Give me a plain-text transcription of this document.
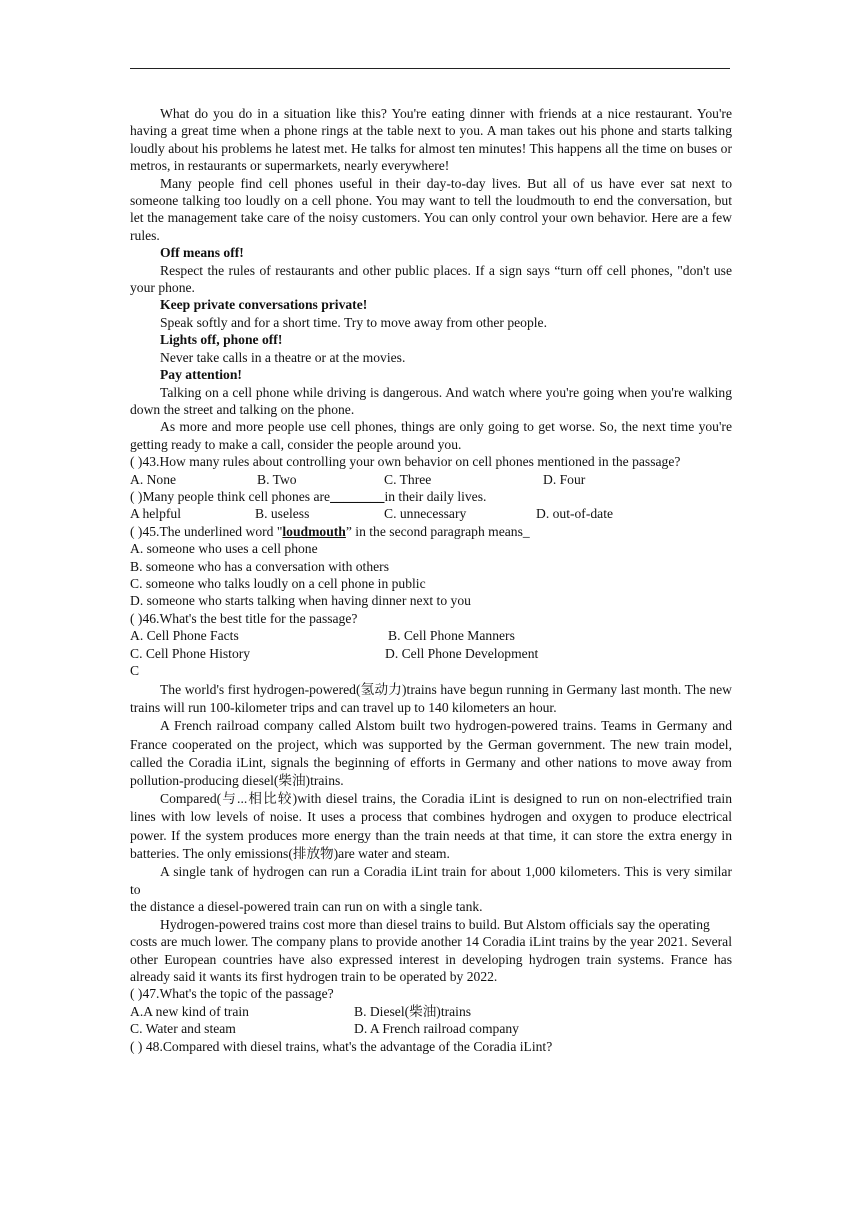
What do you do in a situation like this? You're eating dinner with friends at a nice restaurant. You're having a great time when a phone rings at the table next to you. A man takes out his phone and starts talking loudly about his problems he latest met. He talks for almost ten minutes! This happens all the time on buses or metros, in restaurants or supermarkets, nearly everywhere!

Many people find cell phones useful in their day-to-day lives. But all of us have ever sat next to someone talking too loudly on a cell phone. You may want to tell the loudmouth to end the conversation, but let the management take care of the noisy customers. You can only control your own behavior. Here are a few rules.

Off means off!

Respect the rules of restaurants and other public places. If a sign says “turn off cell phones, "don't use your phone.

Keep private conversations private!

Speak softly and for a short time. Try to move away from other people.

Lights off, phone off!

Never take calls in a theatre or at the movies.

Pay attention!

Talking on a cell phone while driving is dangerous. And watch where you're going when you're walking down the street and talking on the phone.

As more and more people use cell phones, things are only going to get worse. So, the next time you're getting ready to make a call, consider the people around you.

( )43.How many rules about controlling your own behavior on cell phones mentioned in the passage?

A. None	B. Two	C. Three	D. Four

( )Many people think cell phones are________in their daily lives.

A helpful	B. useless	C. unnecessary	D. out-of-date

( )45.The underlined word "loudmouth” in the second paragraph means_

A. someone who uses a cell phone

B. someone who has a conversation with others

C. someone who talks loudly on a cell phone in public

D. someone who starts talking when having dinner next to you

( )46.What's the best title for the passage?

A. Cell Phone Facts	B. Cell Phone Manners
C. Cell Phone History	D. Cell Phone Development

C

The world's first hydrogen-powered(氢动力)trains have begun running in Germany last month. The new trains will run 100-kilometer trips and can travel up to 140 kilometers an hour.

A French railroad company called Alstom built two hydrogen-powered trains. Teams in Germany and France cooperated on the project, which was supported by the German government. The new train model, called the Coradia iLint, signals the beginning of efforts in Germany and other nations to move away from pollution-producing diesel(柴油)trains.

Compared(与...相比较)with diesel trains, the Coradia iLint is designed to run on non-electrified train lines with low levels of noise. It uses a process that combines hydrogen and oxygen to produce electrical power. If the system produces more energy than the train needs at that time, it can store the extra energy in batteries. The only emissions(排放物)are water and steam.

A single tank of hydrogen can run a Coradia iLint train for about 1,000 kilometers. This is very similar to

the distance a diesel-powered train can run on with a single tank.

Hydrogen-powered trains cost more than diesel trains to build. But Alstom officials say the operating

costs are much lower. The company plans to provide another 14 Coradia iLint trains by the year 2021. Several other European countries have also expressed interest in developing hydrogen train systems. France has already said it wants its first hydrogen train to be operated by 2022.

( )47.What's the topic of the passage?

A.A new kind of train	B. Diesel(柴油)trains
C. Water and steam	D. A French railroad company

( ) 48.Compared with diesel trains, what's the advantage of the Coradia iLint?
